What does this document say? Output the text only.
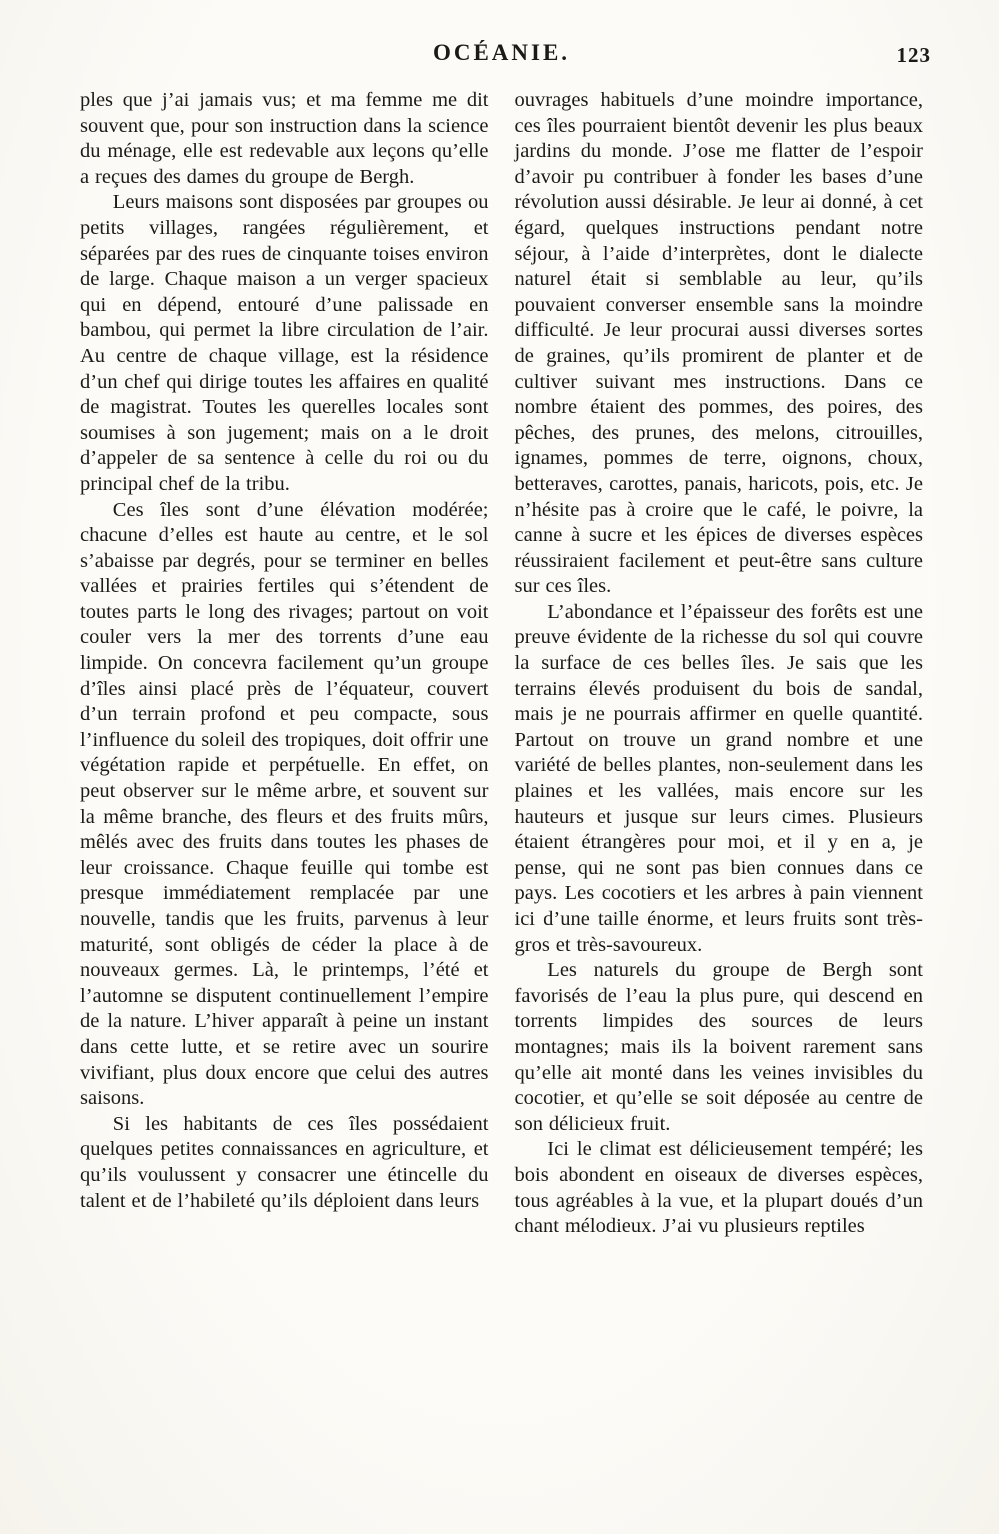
OCÉANIE.	123

ples que j’ai jamais vus; et ma femme me dit souvent que, pour son instruction dans la science du ménage, elle est redevable aux leçons qu’elle a reçues des dames du groupe de Bergh.

Leurs maisons sont disposées par groupes ou petits villages, rangées régulièrement, et séparées par des rues de cinquante toises environ de large. Chaque maison a un verger spacieux qui en dépend, entouré d’une palissade en bambou, qui permet la libre circulation de l’air. Au centre de chaque village, est la résidence d’un chef qui dirige toutes les affaires en qualité de magistrat. Toutes les querelles locales sont soumises à son jugement; mais on a le droit d’appeler de sa sentence à celle du roi ou du principal chef de la tribu.

Ces îles sont d’une élévation modérée; chacune d’elles est haute au centre, et le sol s’abaisse par degrés, pour se terminer en belles vallées et prairies fertiles qui s’étendent de toutes parts le long des rivages; partout on voit couler vers la mer des torrents d’une eau limpide. On concevra facilement qu’un groupe d’îles ainsi placé près de l’équateur, couvert d’un terrain profond et peu compacte, sous l’influence du soleil des tropiques, doit offrir une végétation rapide et perpétuelle. En effet, on peut observer sur le même arbre, et souvent sur la même branche, des fleurs et des fruits mûrs, mêlés avec des fruits dans toutes les phases de leur croissance. Chaque feuille qui tombe est presque immédiatement remplacée par une nouvelle, tandis que les fruits, parvenus à leur maturité, sont obligés de céder la place à de nouveaux germes. Là, le printemps, l’été et l’automne se disputent continuellement l’empire de la nature. L’hiver apparaît à peine un instant dans cette lutte, et se retire avec un sourire vivifiant, plus doux encore que celui des autres saisons.

Si les habitants de ces îles possédaient quelques petites connaissances en agriculture, et qu’ils voulussent y consacrer une étincelle du talent et de l’habileté qu’ils déploient dans leurs

ouvrages habituels d’une moindre importance, ces îles pourraient bientôt devenir les plus beaux jardins du monde. J’ose me flatter de l’espoir d’avoir pu contribuer à fonder les bases d’une révolution aussi désirable. Je leur ai donné, à cet égard, quelques instructions pendant notre séjour, à l’aide d’interprètes, dont le dialecte naturel était si semblable au leur, qu’ils pouvaient converser ensemble sans la moindre difficulté. Je leur procurai aussi diverses sortes de graines, qu’ils promirent de planter et de cultiver suivant mes instructions. Dans ce nombre étaient des pommes, des poires, des pêches, des prunes, des melons, citrouilles, ignames, pommes de terre, oignons, choux, betteraves, carottes, panais, haricots, pois, etc. Je n’hésite pas à croire que le café, le poivre, la canne à sucre et les épices de diverses espèces réussiraient facilement et peut-être sans culture sur ces îles.

L’abondance et l’épaisseur des forêts est une preuve évidente de la richesse du sol qui couvre la surface de ces belles îles. Je sais que les terrains élevés produisent du bois de sandal, mais je ne pourrais affirmer en quelle quantité. Partout on trouve un grand nombre et une variété de belles plantes, non-seulement dans les plaines et les vallées, mais encore sur les hauteurs et jusque sur leurs cimes. Plusieurs étaient étrangères pour moi, et il y en a, je pense, qui ne sont pas bien connues dans ce pays. Les cocotiers et les arbres à pain viennent ici d’une taille énorme, et leurs fruits sont très-gros et très-savoureux.

Les naturels du groupe de Bergh sont favorisés de l’eau la plus pure, qui descend en torrents limpides des sources de leurs montagnes; mais ils la boivent rarement sans qu’elle ait monté dans les veines invisibles du cocotier, et qu’elle se soit déposée au centre de son délicieux fruit.

Ici le climat est délicieusement tempéré; les bois abondent en oiseaux de diverses espèces, tous agréables à la vue, et la plupart doués d’un chant mélodieux. J’ai vu plusieurs reptiles
